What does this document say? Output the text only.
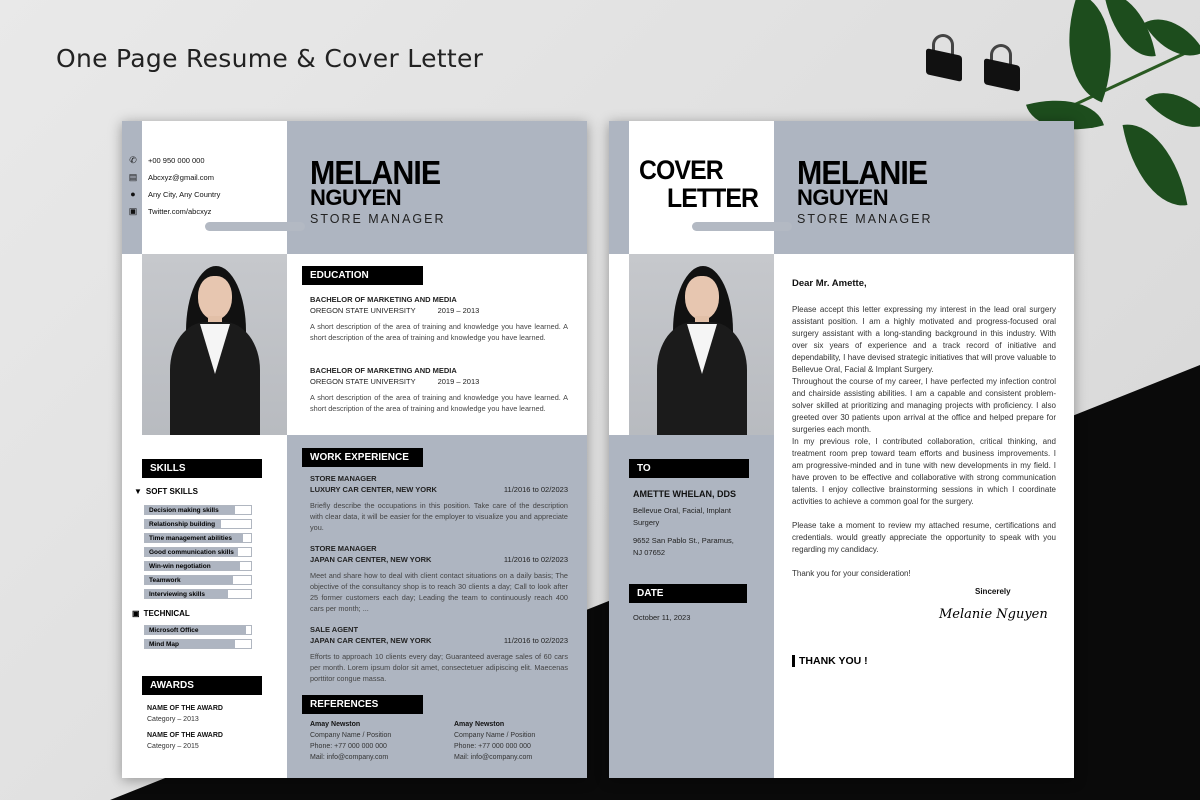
One Page Resume & Cover Letter
✆ +00 950 000 000
▤ Abcxyz@gmail.com
●	Any City, Any Country
▣ Twitter.com/abcxyz
MELANIE
NGUYEN
STORE MANAGER
EDUCATION
BACHELOR OF MARKETING AND MEDIA
OREGON STATE UNIVERSITY	2019 – 2013
A short description of the area of training and knowledge you have learned. A short description of the area of training and knowledge you have learned.
BACHELOR OF MARKETING AND MEDIA
OREGON STATE UNIVERSITY	2019 – 2013
A short description of the area of training and knowledge you have learned. A short description of the area of training and knowledge you have learned.
SKILLS
▼ SOFT SKILLS
Decision making skills
Relationship building
Time management abilities
Good communication skills
Win-win negotiation
Teamwork
Interviewing skills
▣ TECHNICAL
Microsoft Office
Mind Map
AWARDS
NAME OF THE AWARD
Category – 2013
NAME OF THE AWARD
Category – 2015
WORK EXPERIENCE
STORE MANAGER
LUXURY CAR CENTER, NEW YORK	11/2016 to 02/2023
Briefly describe the occupations in this position. Take care of the description with clear data, it will be easier for the employer to visualize you and appreciate you.
STORE MANAGER
JAPAN CAR CENTER, NEW YORK	11/2016 to 02/2023
Meet and share how to deal with client contact situations on a daily basis; The objective of the consultancy shop is to reach 30 clients a day; Call to look after 25 former customers each day; Leading the team to continuously reach 400 cars per month; ...
SALE AGENT
JAPAN CAR CENTER, NEW YORK	11/2016 to 02/2023
Efforts to approach 10 clients every day; Guaranteed average sales of 60 cars per month. Lorem ipsum dolor sit amet, consectetuer adipiscing elit. Maecenas porttitor congue massa.
REFERENCES
Amay Newston
Company Name / Position
Phone: +77 000 000 000
Mail: info@company.com
Amay Newston
Company Name / Position
Phone: +77 000 000 000
Mail: info@company.com
COVER
LETTER
MELANIE
NGUYEN
STORE MANAGER
TO
AMETTE WHELAN, DDS
Bellevue Oral, Facial, Implant Surgery
9652 San Pablo St., Paramus,
NJ 07652
DATE
October 11, 2023
Dear Mr. Amette,
Please accept this letter expressing my interest in the lead oral surgery assistant position. I am a highly motivated and progress-focused oral surgery assistant with a long-standing background in this industry. With over six years of experience and a track record of initiative and dependability, I have devised strategic initiatives that will prove valuable to Bellevue Oral, Facial & Implant Surgery.
Throughout the course of my career, I have perfected my infection control and chairside assisting abilities. I am a capable and consistent problem-solver skilled at prioritizing and managing projects with proficiency. I also greeted over 30 patients upon arrival at the office and helped prepare for surgeries each month.
In my previous role, I contributed collaboration, critical thinking, and treatment room prep toward team efforts and business improvements. I am progressive-minded and in tune with new developments in my field. I have proven to be effective and collaborative with strong communication talents. I enjoy collective brainstorming sessions in which I coordinate activities to achieve a common goal for the surgery.
Please take a moment to review my attached resume, certifications and credentials. would greatly appreciate the opportunity to speak with you regarding my candidacy.
Thank you for your consideration!
Sincerely
Melanie Nguyen
THANK YOU !
